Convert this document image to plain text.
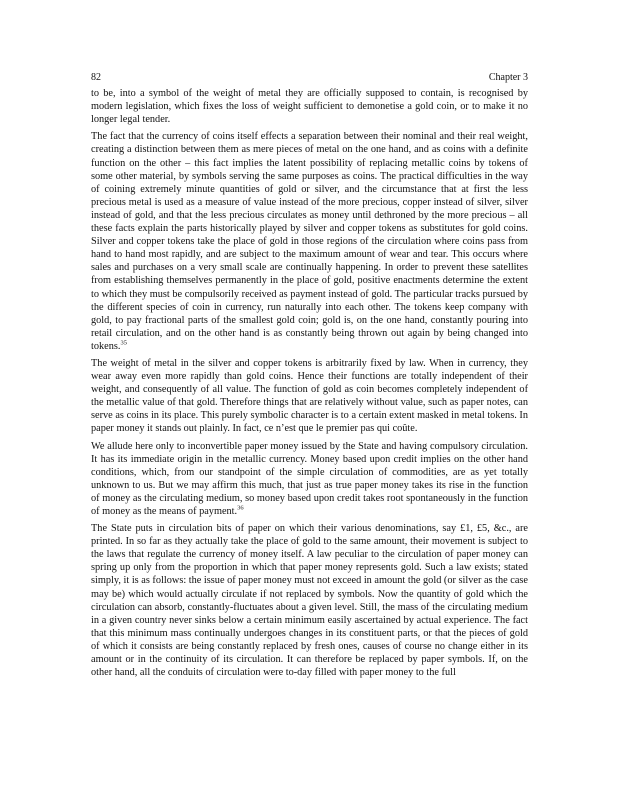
82	Chapter 3

to be, into a symbol of the weight of metal they are officially supposed to contain, is recognised by modern legislation, which fixes the loss of weight sufficient to demonetise a gold coin, or to make it no longer legal tender.

The fact that the currency of coins itself effects a separation between their nominal and their real weight, creating a distinction between them as mere pieces of metal on the one hand, and as coins with a definite function on the other – this fact implies the latent possibility of replacing metallic coins by tokens of some other material, by symbols serving the same purposes as coins. The practical difficulties in the way of coining extremely minute quantities of gold or silver, and the circumstance that at first the less precious metal is used as a measure of value instead of the more precious, copper instead of silver, silver instead of gold, and that the less precious circulates as money until dethroned by the more precious – all these facts explain the parts historically played by silver and copper tokens as substitutes for gold coins. Silver and copper tokens take the place of gold in those regions of the circulation where coins pass from hand to hand most rapidly, and are subject to the maximum amount of wear and tear. This occurs where sales and purchases on a very small scale are continually happening. In order to prevent these satellites from establishing themselves permanently in the place of gold, positive enactments determine the extent to which they must be compulsorily received as payment instead of gold. The particular tracks pursued by the different species of coin in currency, run naturally into each other. The tokens keep company with gold, to pay fractional parts of the smallest gold coin; gold is, on the one hand, constantly pouring into retail circulation, and on the other hand is as constantly being thrown out again by being changed into tokens.$^{35}$

The weight of metal in the silver and copper tokens is arbitrarily fixed by law. When in currency, they wear away even more rapidly than gold coins. Hence their functions are totally independent of their weight, and consequently of all value. The function of gold as coin becomes completely independent of the metallic value of that gold. Therefore things that are relatively without value, such as paper notes, can serve as coins in its place. This purely symbolic character is to a certain extent masked in metal tokens. In paper money it stands out plainly. In fact, ce n’est que le premier pas qui coûte.

We allude here only to inconvertible paper money issued by the State and having compulsory circulation. It has its immediate origin in the metallic currency. Money based upon credit implies on the other hand conditions, which, from our standpoint of the simple circulation of commodities, are as yet totally unknown to us. But we may affirm this much, that just as true paper money takes its rise in the function of money as the circulating medium, so money based upon credit takes root spontaneously in the function of money as the means of payment.$^{36}$

The State puts in circulation bits of paper on which their various denominations, say £1, £5, &c., are printed. In so far as they actually take the place of gold to the same amount, their movement is subject to the laws that regulate the currency of money itself. A law peculiar to the circulation of paper money can spring up only from the proportion in which that paper money represents gold. Such a law exists; stated simply, it is as follows: the issue of paper money must not exceed in amount the gold (or silver as the case may be) which would actually circulate if not replaced by symbols. Now the quantity of gold which the circulation can absorb, constantly-fluctuates about a given level. Still, the mass of the circulating medium in a given country never sinks below a certain minimum easily ascertained by actual experience. The fact that this minimum mass continually undergoes changes in its constituent parts, or that the pieces of gold of which it consists are being constantly replaced by fresh ones, causes of course no change either in its amount or in the continuity of its circulation. It can therefore be replaced by paper symbols. If, on the other hand, all the conduits of circulation were to-day filled with paper money to the full
